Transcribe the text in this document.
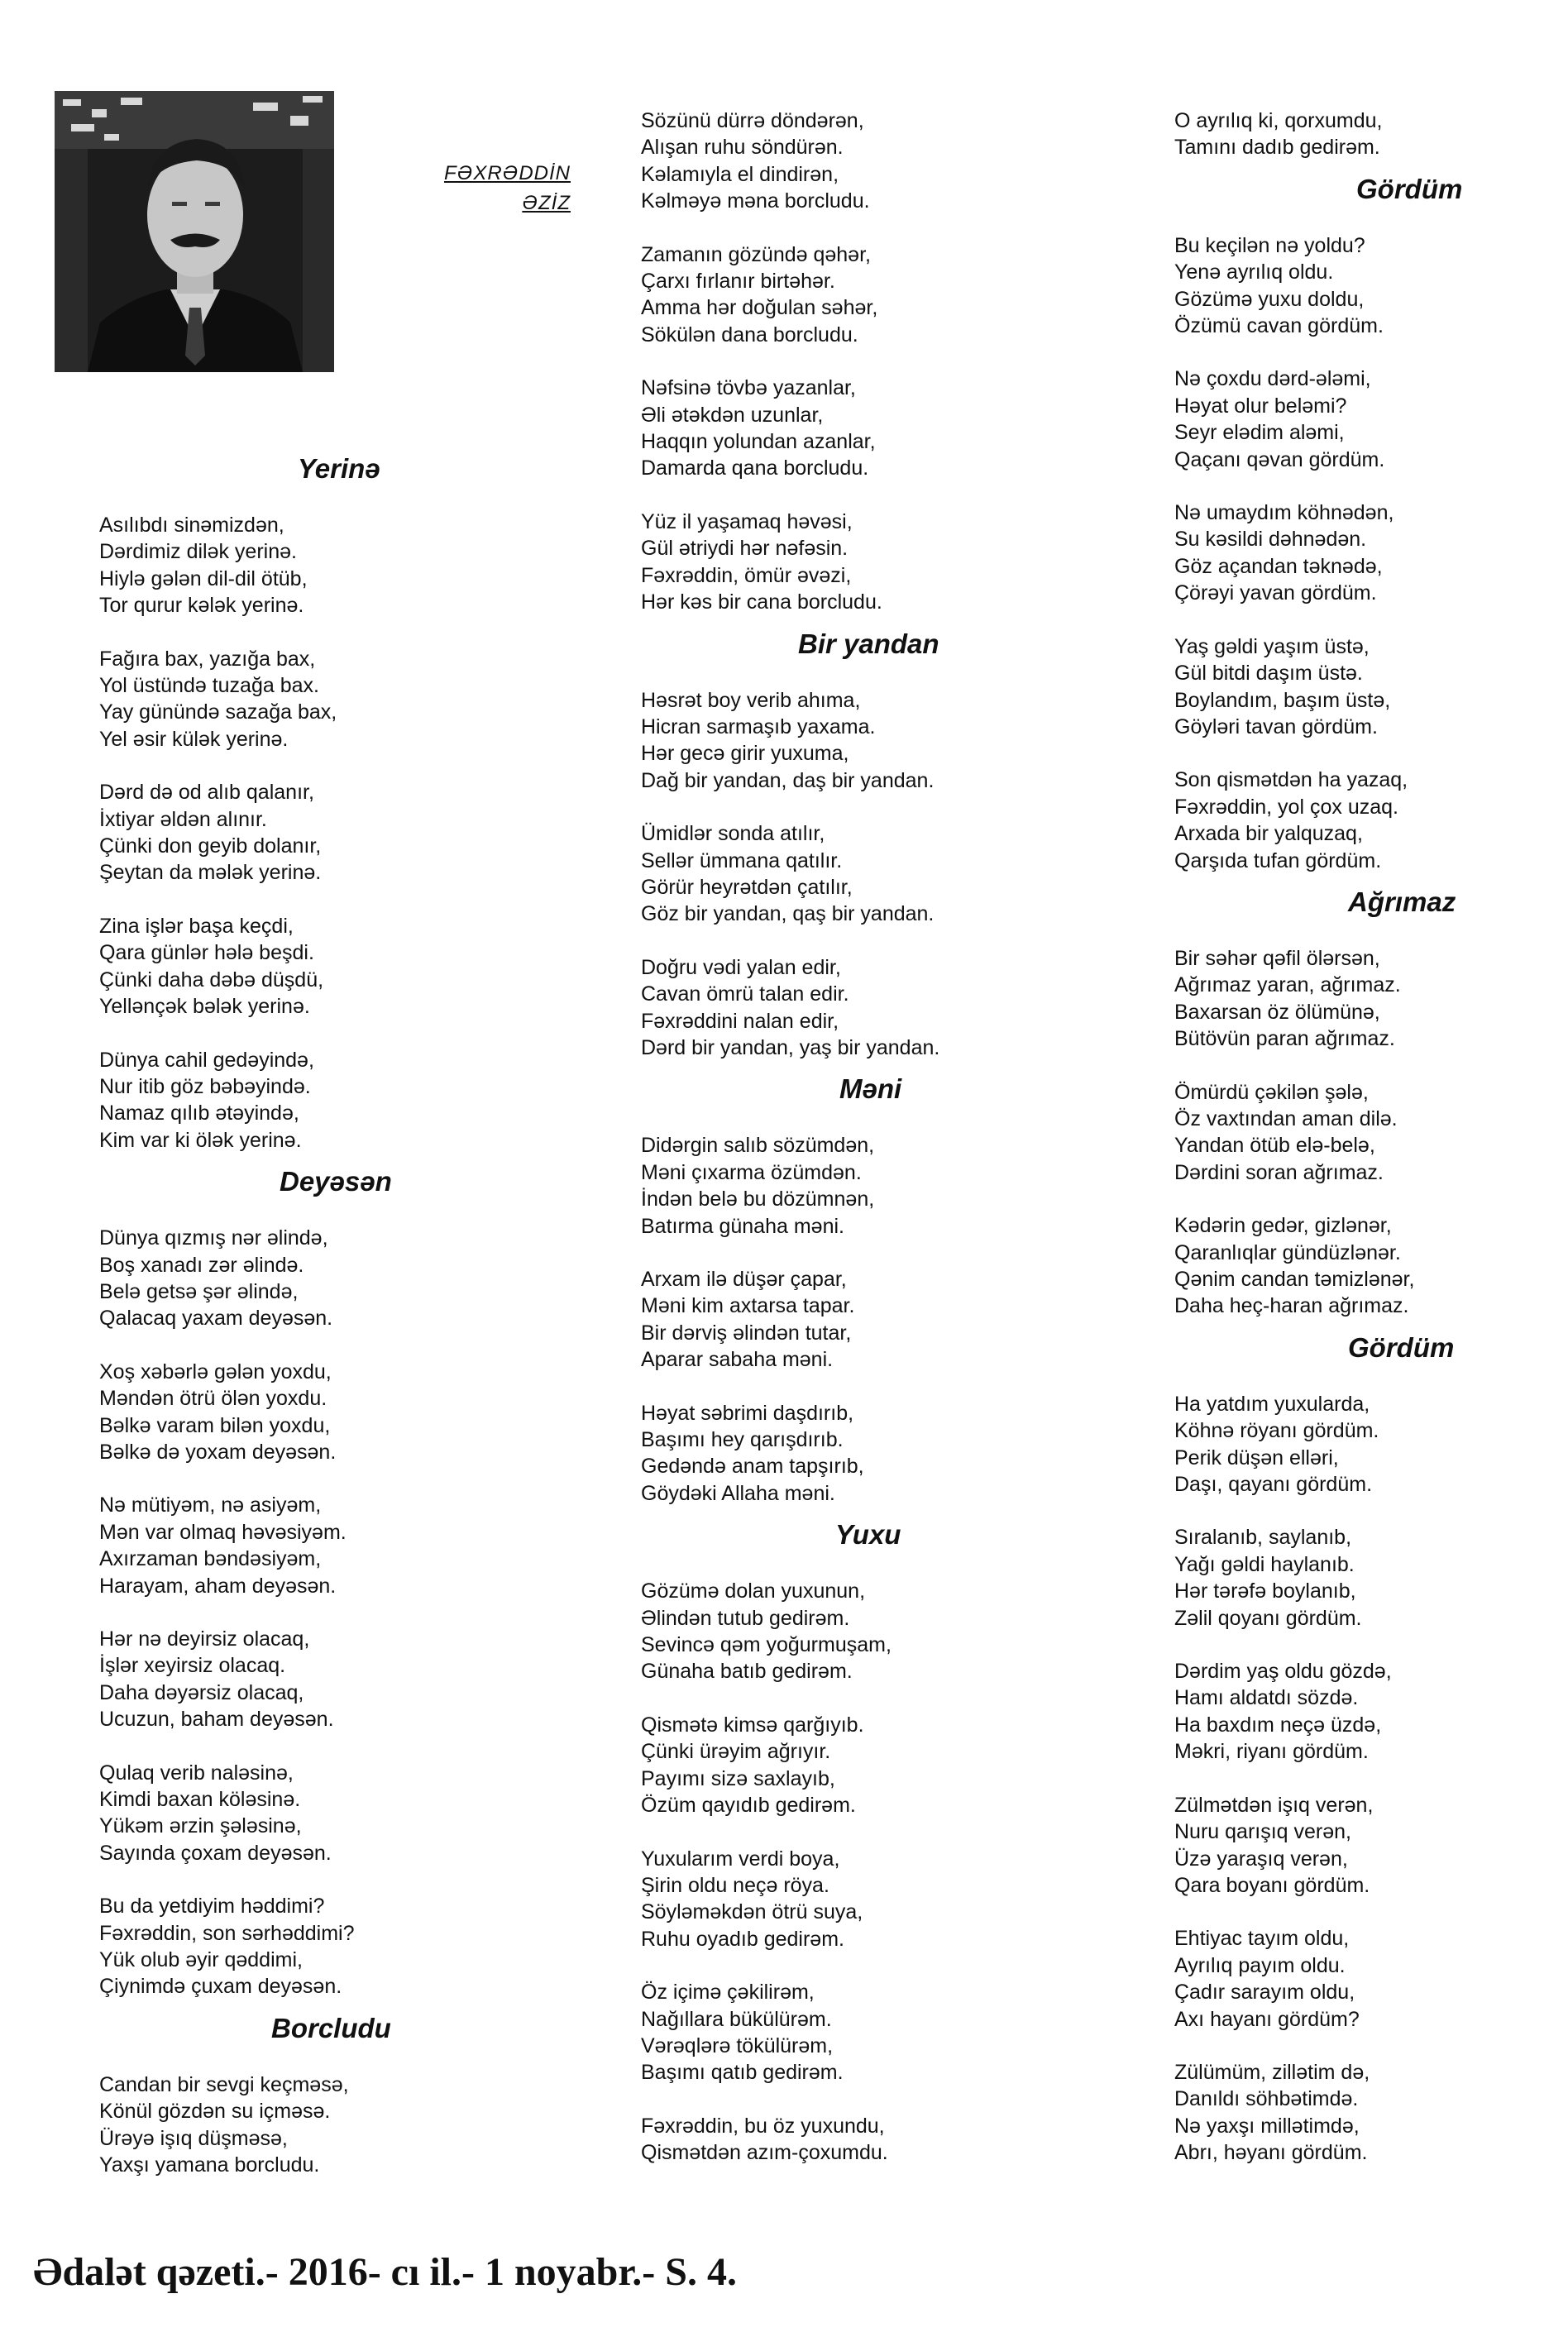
FƏXRƏDDİN
ƏZİZ
Yerinə
Asılıbdı sinəmizdən,
Dərdimiz dilək yerinə.
Hiylə gələn dil-dil ötüb,
Tor qurur kələk yerinə.
Fağıra bax, yazığa bax,
Yol üstündə tuzağa bax.
Yay günündə sazağa bax,
Yel əsir külək yerinə.
Dərd də od alıb qalanır,
İxtiyar əldən alınır.
Çünki don geyib dolanır,
Şeytan da mələk yerinə.
Zina işlər başa keçdi,
Qara günlər hələ beşdi.
Çünki daha dəbə düşdü,
Yellənçək bələk yerinə.
Dünya cahil gedəyində,
Nur itib göz bəbəyində.
Namaz qılıb ətəyində,
Kim var ki ölək yerinə.
Deyəsən
Dünya qızmış nər əlində,
Boş xanadı zər əlində.
Belə getsə şər əlində,
Qalacaq yaxam deyəsən.
Xoş xəbərlə gələn yoxdu,
Məndən ötrü ölən yoxdu.
Bəlkə varam bilən yoxdu,
Bəlkə də yoxam deyəsən.
Nə mütiyəm, nə asiyəm,
Mən var olmaq həvəsiyəm.
Axırzaman bəndəsiyəm,
Harayam, aham deyəsən.
Hər nə deyirsiz olacaq,
İşlər xeyirsiz olacaq.
Daha dəyərsiz olacaq,
Ucuzun, baham deyəsən.
Qulaq verib naləsinə,
Kimdi baxan köləsinə.
Yükəm ərzin şələsinə,
Sayında çoxam deyəsən.
Bu da yetdiyim həddimi?
Fəxrəddin, son sərhəddimi?
Yük olub əyir qəddimi,
Çiynimdə çuxam deyəsən.
Borcludu
Candan bir sevgi keçməsə,
Könül gözdən su içməsə.
Ürəyə işıq düşməsə,
Yaxşı yamana borcludu.
Sözünü dürrə döndərən,
Alışan ruhu söndürən.
Kəlamıyla el dindirən,
Kəlməyə məna borcludu.
Zamanın gözündə qəhər,
Çarxı fırlanır birtəhər.
Amma hər doğulan səhər,
Sökülən dana borcludu.
Nəfsinə tövbə yazanlar,
Əli ətəkdən uzunlar,
Haqqın yolundan azanlar,
Damarda qana borcludu.
Yüz il yaşamaq həvəsi,
Gül ətriydi hər nəfəsin.
Fəxrəddin, ömür əvəzi,
Hər kəs bir cana borcludu.
Bir yandan
Həsrət boy verib ahıma,
Hicran sarmaşıb yaxama.
Hər gecə girir yuxuma,
Dağ bir yandan, daş bir yandan.
Ümidlər sonda atılır,
Sellər ümmana qatılır.
Görür heyrətdən çatılır,
Göz bir yandan, qaş bir yandan.
Doğru vədi yalan edir,
Cavan ömrü talan edir.
Fəxrəddini nalan edir,
Dərd bir yandan, yaş bir yandan.
Məni
Didərgin salıb sözümdən,
Məni çıxarma özümdən.
İndən belə bu dözümnən,
Batırma günaha məni.
Arxam ilə düşər çapar,
Məni kim axtarsa tapar.
Bir dərviş əlindən tutar,
Aparar sabaha məni.
Həyat səbrimi daşdırıb,
Başımı hey qarışdırıb.
Gedəndə anam tapşırıb,
Göydəki Allaha məni.
Yuxu
Gözümə dolan yuxunun,
Əlindən tutub gedirəm.
Sevincə qəm yoğurmuşam,
Günaha batıb gedirəm.
Qismətə kimsə qarğıyıb.
Çünki ürəyim ağrıyır.
Payımı sizə saxlayıb,
Özüm qayıdıb gedirəm.
Yuxularım verdi boya,
Şirin oldu neçə röya.
Söyləməkdən ötrü suya,
Ruhu oyadıb gedirəm.
Öz içimə çəkilirəm,
Nağıllara bükülürəm.
Vərəqlərə tökülürəm,
Başımı qatıb gedirəm.
Fəxrəddin, bu öz yuxundu,
Qismətdən azım-çoxumdu.
O ayrılıq ki, qorxumdu,
Tamını dadıb gedirəm.
Gördüm
Bu keçilən nə yoldu?
Yenə ayrılıq oldu.
Gözümə yuxu doldu,
Özümü cavan gördüm.
Nə çoxdu dərd-ələmi,
Həyat olur beləmi?
Seyr elədim aləmi,
Qaçanı qəvan gördüm.
Nə umaydım köhnədən,
Su kəsildi dəhnədən.
Göz açandan təknədə,
Çörəyi yavan gördüm.
Yaş gəldi yaşım üstə,
Gül bitdi daşım üstə.
Boylandım, başım üstə,
Göyləri tavan gördüm.
Son qismətdən ha yazaq,
Fəxrəddin, yol çox uzaq.
Arxada bir yalquzaq,
Qarşıda tufan gördüm.
Ağrımaz
Bir səhər qəfil ölərsən,
Ağrımaz yaran, ağrımaz.
Baxarsan öz ölümünə,
Bütövün paran ağrımaz.
Ömürdü çəkilən şələ,
Öz vaxtından aman dilə.
Yandan ötüb elə-belə,
Dərdini soran ağrımaz.
Kədərin gedər, gizlənər,
Qaranlıqlar gündüzlənər.
Qənim candan təmizlənər,
Daha heç-haran ağrımaz.
Gördüm
Ha yatdım yuxularda,
Köhnə röyanı gördüm.
Perik düşən elləri,
Daşı, qayanı gördüm.
Sıralanıb, saylanıb,
Yağı gəldi haylanıb.
Hər tərəfə boylanıb,
Zəlil qoyanı gördüm.
Dərdim yaş oldu gözdə,
Hamı aldatdı sözdə.
Ha baxdım neçə üzdə,
Məkri, riyanı gördüm.
Zülmətdən işıq verən,
Nuru qarışıq verən,
Üzə yaraşıq verən,
Qara boyanı gördüm.
Ehtiyac tayım oldu,
Ayrılıq payım oldu.
Çadır sarayım oldu,
Axı hayanı gördüm?
Zülümüm, zillətim də,
Danıldı söhbətimdə.
Nə yaxşı millətimdə,
Abrı, həyanı gördüm.
Ədalət qəzeti.- 2016- cı il.- 1 noyabr.- S. 4.
